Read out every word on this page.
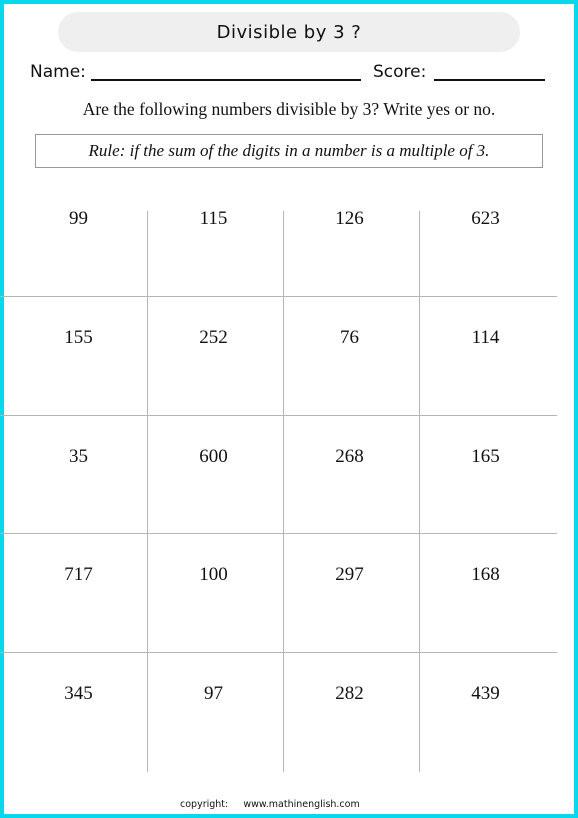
Divisible by 3 ?
Name:	Score:
Are the following numbers divisible by 3? Write yes or no.
Rule: if the sum of the digits in a number is a multiple of 3.
99	115	126	623
155	252	76	114
35	600	268	165
717	100	297	168
345	97	282	439
copyright: www.mathinenglish.com
